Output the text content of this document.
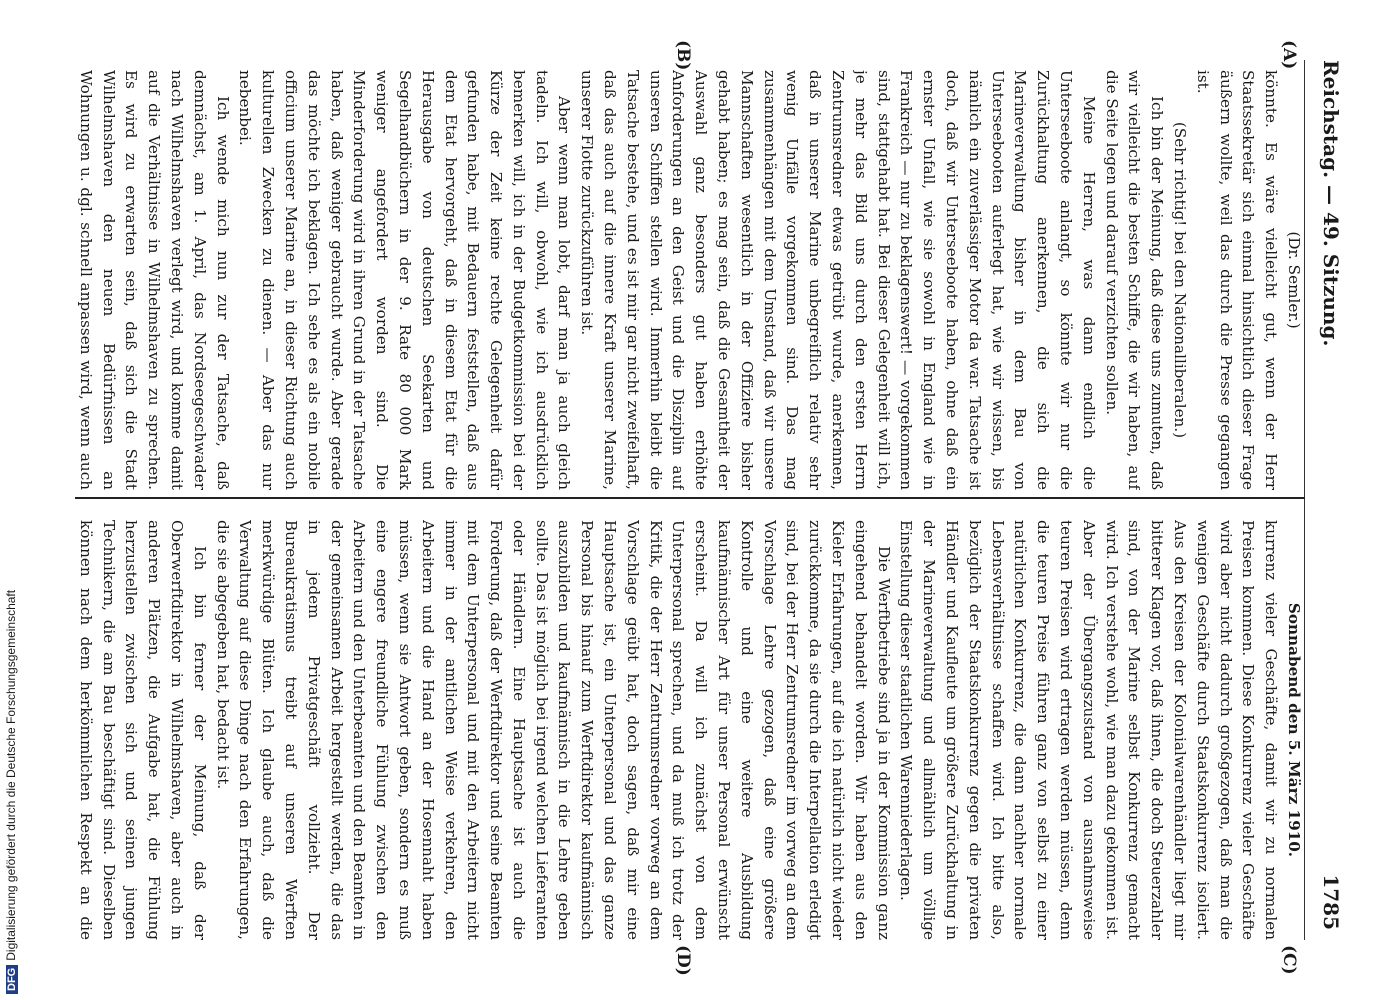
Reichstag. — 49. Sitzung.
1785

(Dr. Semler.)

könnte. Es wäre vielleicht gut, wenn der Herr Staatssekretär sich einmal hinsichtlich dieser Frage äußern wollte, weil das durch die Presse gegangen ist.

(Sehr richtig! bei den Nationalliberalen.)

Ich bin der Meinung, daß diese uns zumuten, daß wir vielleicht die besten Schiffe, die wir haben, auf die Seite legen und darauf verzichten sollen.

Meine Herren, was dann endlich die Unterseeboote anlangt, so könnte wir nur die Zurückhaltung anerkennen, die sich die Marineverwaltung bisher in dem Bau von Unterseebooten auferlegt hat, wie wir wissen, bis nämlich ein zuverlässiger Motor da war. Tatsache ist doch, daß wir Unterseeboote haben, ohne daß ein ernster Unfall, wie sie sowohl in England wie in Frankreich — nur zu beklagenswert! — vorgekommen sind, stattgehabt hat. Bei dieser Gelegenheit will ich, je mehr das Bild uns durch den ersten Herrn Zentrumsredner etwas getrübt wurde, anerkennen, daß in unserer Marine unbegreiflich relativ sehr wenig Unfälle vorgekommen sind. Das mag zusammenhängen mit dem Umstand, daß wir unsere Mannschaften wesentlich in der Offiziere bisher gehabt haben; es mag sein, daß die Gesamtheit der Auswahl ganz besonders gut haben erhöhte Anforderungen an den Geist und die Disziplin auf unseren Schiffen stellen wird. Immerhin bleibt die Tatsache bestehe, und es ist mir gar nicht zweifelhaft, daß das auch auf die innere Kraft unserer Marine, unserer Flotte zurückzuführen ist.

Aber wenn man lobt, darf man ja auch gleich tadeln. Ich will, obwohl, wie ich ausdrücklich bemerken will, ich in der Budgetkommission bei der Kürze der Zeit keine rechte Gelegenheit dafür gefunden habe, mit Bedauern feststellen, daß aus dem Etat hervorgeht, daß in diesem Etat für die Herausgabe von deutschen Seekarten und Segelhandbüchern in der 9. Rate 80 000 Mark weniger angefordert worden sind. Die Minderforderung wird in ihren Grund in der Tatsache haben, daß weniger gebraucht wurde. Aber gerade das möchte ich beklagen. Ich sehe es als ein nobile officium unserer Marine an, in dieser Richtung auch kulturellen Zwecken zu dienen. — Aber das nur nebenbei.

Ich wende mich nun zur der Tatsache, daß demnächst, am 1. April, das Nordseegeschwader nach Wilhelmshaven verlegt wird, und komme damit auf die Verhältnisse in Wilhelmshaven zu sprechen. Es wird zu erwarten sein, daß sich die Stadt Wilhelmshaven den neuen Bedürfnissen an Wohnungen u. dgl. schnell anpassen wird, wenn auch

Sonnabend den 5. März 1910.

kurrenz vieler Geschäfte, damit wir zu normalen Preisen kommen. Diese Konkurrenz vieler Geschäfte wird aber nicht dadurch großgezogen, daß man die wenigen Geschäfte durch Staatskonkurrenz isoliert. Aus den Kreisen der Kolonialwarenhändler liegt mir bitterer Klagen vor, daß ihnen, die doch Steuerzahler sind, von der Marine selbst Konkurrenz gemacht wird. Ich verstehe wohl, wie man dazu gekommen ist. Aber der Übergangszustand von ausnahmsweise teuren Preisen wird ertragen werden müssen, denn die teuren Preise führen ganz von selbst zu einer natürlichen Konkurrenz, die dann nachher normale Lebensverhältnisse schaffen wird. Ich bitte also, bezüglich der Staatskonkurrenz gegen die privaten Händler und Kaufleute um größere Zurückhaltung in der Marineverwaltung und allmählich um völlige Einstellung dieser staatlichen Warenniederlagen.

Die Werftbetriebe sind ja in der Kommission ganz eingehend behandelt worden. Wir haben aus den Kieler Erfahrungen, auf die ich natürlich nicht wieder zurückkomme, da sie durch die Interpellation erledigt sind, bei der Herr Zentrumsredner im vorweg an dem Vorschlage Lehre gezogen, daß eine größere Kontrolle und eine weitere Ausbildung kaufmännischer Art für unser Personal erwünscht erscheint. Da will ich zunächst von dem Unterpersonal sprechen, und da muß ich trotz der Kritik, die der Herr Zentrumsredner vorweg an dem Vorschlage geübt hat, doch sagen, daß mir eine Hauptsache ist, ein Unterpersonal und das ganze Personal bis hinauf zum Werftdirektor kaufmännisch auszubilden und kaufmännisch in die Lehre geben sollte. Das ist möglich bei irgend welchen Lieferanten oder Händlern. Eine Hauptsache ist auch die Forderung, daß der Werftdirektor und seine Beamten mit dem Unterpersonal und mit den Arbeitern nicht immer in der amtlichen Weise verkehren, den Arbeitern und die Hand an der Hosennaht haben müssen, wenn sie Antwort geben, sondern es muß eine engere freundliche Fühlung zwischen den Arbeitern und den Unterbeamten und den Beamten in der gemeinsamen Arbeit hergestellt werden, die das in jedem Privatgeschäft vollzieht. Der Bureaukratismus treibt auf unseren Werften merkwürdige Blüten. Ich glaube auch, daß die Verwaltung auf diese Dinge nach den Erfahrungen, die sie abgegeben hat, bedacht ist.

Ich bin ferner der Meinung, daß der Oberwerftdirektor in Wilhelmshaven, aber auch in anderen Plätzen, die Aufgabe hat, die Fühlung herzustellen zwischen sich und seinen jungen Technikern, die am Bau beschäftigt sind. Dieselben können nach dem herkömmlichen Respekt an die

(A)
(B)
(C)
(D)
DFGDigitalisierung gefördert durch die Deutsche Forschungsgemeinschaft
